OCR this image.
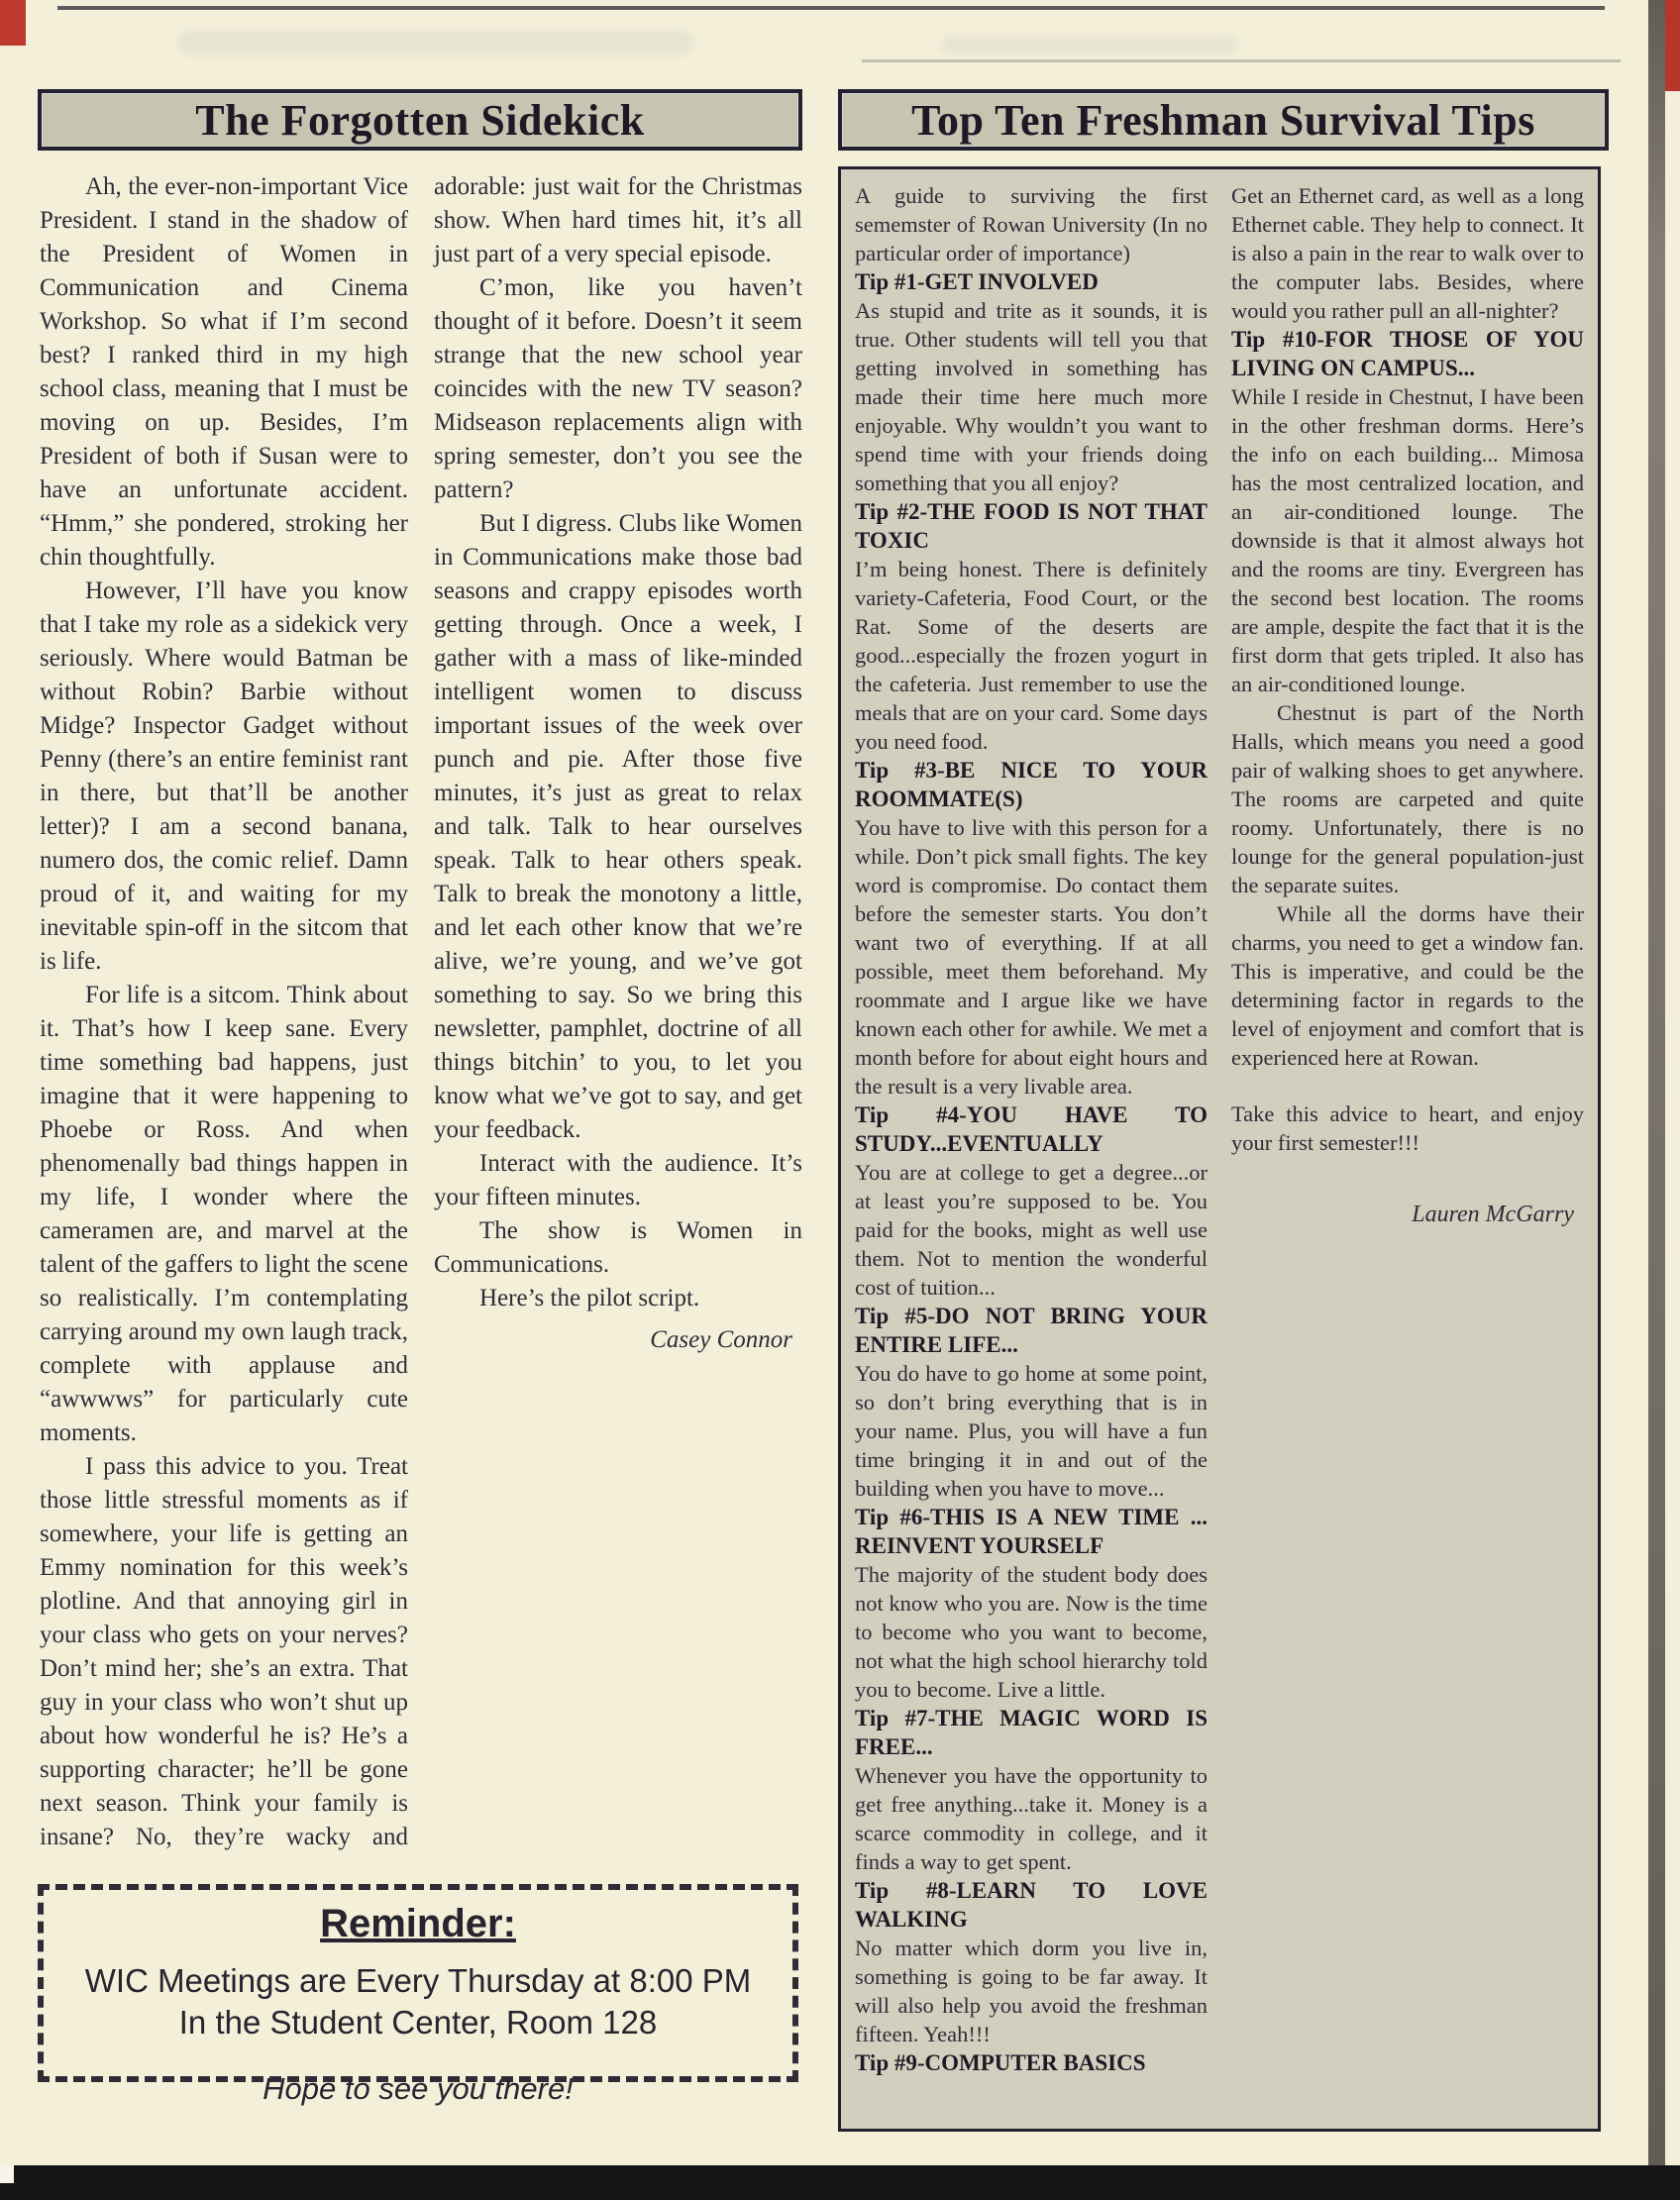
The Forgotten Sidekick

Ah, the ever-non-important Vice President. I stand in the shadow of the President of Women in Communication and Cinema Workshop. So what if I’m second best? I ranked third in my high school class, meaning that I must be moving on up. Besides, I’m President of both if Susan were to have an unfortunate accident. “Hmm,” she pondered, stroking her chin thoughtfully.

However, I’ll have you know that I take my role as a sidekick very seriously. Where would Batman be without Robin? Barbie without Midge? Inspector Gadget without Penny (there’s an entire feminist rant in there, but that’ll be another letter)? I am a second banana, numero dos, the comic relief. Damn proud of it, and waiting for my inevitable spin-off in the sitcom that is life.

For life is a sitcom. Think about it. That’s how I keep sane. Every time something bad happens, just imagine that it were happening to Phoebe or Ross. And when phenomenally bad things happen in my life, I wonder where the cameramen are, and marvel at the talent of the gaffers to light the scene so realistically. I’m contemplating carrying around my own laugh track, complete with applause and “awwwws” for particularly cute moments.

I pass this advice to you. Treat those little stressful moments as if somewhere, your life is getting an Emmy nomination for this week’s plotline. And that annoying girl in your class who gets on your nerves? Don’t mind her; she’s an extra. That guy in your class who won’t shut up about how wonderful he is? He’s a supporting character; he’ll be gone next season. Think your family is insane? No, they’re wacky and adorable: just wait for the Christmas show. When hard times hit, it’s all just part of a very special episode.

C’mon, like you haven’t thought of it before. Doesn’t it seem strange that the new school year coincides with the new TV season? Midseason replacements align with spring semester, don’t you see the pattern?

But I digress. Clubs like Women in Communications make those bad seasons and crappy episodes worth getting through. Once a week, I gather with a mass of like-minded intelligent women to discuss important issues of the week over punch and pie. After those five minutes, it’s just as great to relax and talk. Talk to hear ourselves speak. Talk to hear others speak. Talk to break the monotony a little, and let each other know that we’re alive, we’re young, and we’ve got something to say. So we bring this newsletter, pamphlet, doctrine of all things bitchin’ to you, to let you know what we’ve got to say, and get your feedback.

Interact with the audience. It’s your fifteen minutes.

The show is Women in Communications.

Here’s the pilot script.

Casey Connor

Reminder:
WIC Meetings are Every Thursday at 8:00 PM
In the Student Center, Room 128
Hope to see you there!
Top Ten Freshman Survival Tips

A guide to surviving the first sememster of Rowan University (In no particular order of importance)

Tip #1-GET INVOLVED

As stupid and trite as it sounds, it is true. Other students will tell you that getting involved in something has made their time here much more enjoyable. Why wouldn’t you want to spend time with your friends doing something that you all enjoy?

Tip #2-THE FOOD IS NOT THAT TOXIC

I’m being honest. There is definitely variety-Cafeteria, Food Court, or the Rat. Some of the deserts are good...especially the frozen yogurt in the cafeteria. Just remember to use the meals that are on your card. Some days you need food.

Tip #3-BE NICE TO YOUR ROOMMATE(S)

You have to live with this person for a while. Don’t pick small fights. The key word is compromise. Do contact them before the semester starts. You don’t want two of everything. If at all possible, meet them beforehand. My roommate and I argue like we have known each other for awhile. We met a month before for about eight hours and the result is a very livable area.

Tip #4-YOU HAVE TO STUDY...EVENTUALLY

You are at college to get a degree...or at least you’re supposed to be. You paid for the books, might as well use them. Not to mention the wonderful cost of tuition...

Tip #5-DO NOT BRING YOUR ENTIRE LIFE...

You do have to go home at some point, so don’t bring everything that is in your name. Plus, you will have a fun time bringing it in and out of the building when you have to move...

Tip #6-THIS IS A NEW TIME ... REINVENT YOURSELF

The majority of the student body does not know who you are. Now is the time to become who you want to become, not what the high school hierarchy told you to become. Live a little.

Tip #7-THE MAGIC WORD IS FREE...

Whenever you have the opportunity to get free anything...take it. Money is a scarce commodity in college, and it finds a way to get spent.

Tip #8-LEARN TO LOVE WALKING

No matter which dorm you live in, something is going to be far away. It will also help you avoid the freshman fifteen. Yeah!!!

Tip #9-COMPUTER BASICS

Get an Ethernet card, as well as a long Ethernet cable. They help to connect. It is also a pain in the rear to walk over to the computer labs. Besides, where would you rather pull an all-nighter?

Tip #10-FOR THOSE OF YOU LIVING ON CAMPUS...

While I reside in Chestnut, I have been in the other freshman dorms. Here’s the info on each building... Mimosa has the most centralized location, and an air-conditioned lounge. The downside is that it almost always hot and the rooms are tiny. Evergreen has the second best location. The rooms are ample, despite the fact that it is the first dorm that gets tripled. It also has an air-conditioned lounge.

Chestnut is part of the North Halls, which means you need a good pair of walking shoes to get anywhere. The rooms are carpeted and quite roomy. Unfortunately, there is no lounge for the general population-just the separate suites.

While all the dorms have their charms, you need to get a window fan. This is imperative, and could be the determining factor in regards to the level of enjoyment and comfort that is experienced here at Rowan.

Take this advice to heart, and enjoy your first semester!!!

Lauren McGarry
